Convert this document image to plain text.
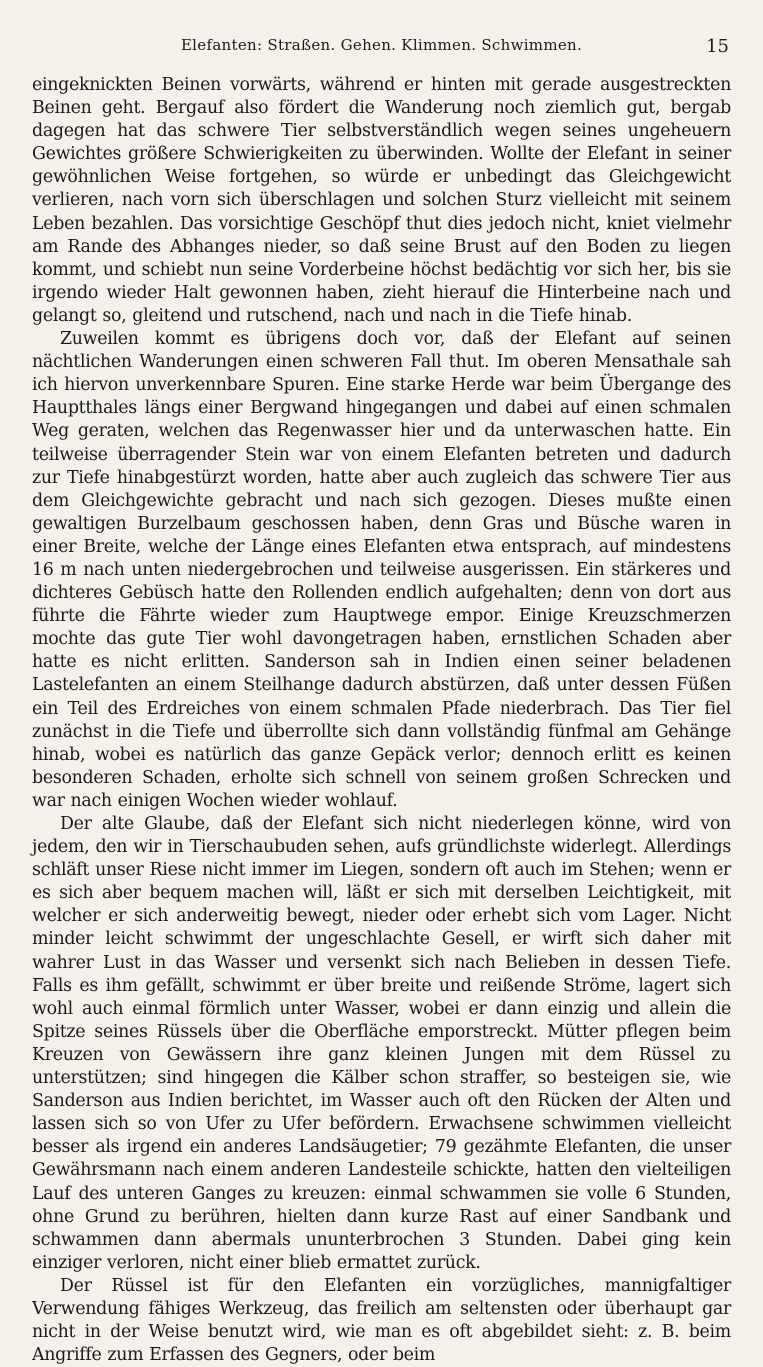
Elefanten: Straßen. Gehen. Klimmen. Schwimmen.	15

eingeknickten Beinen vorwärts, während er hinten mit gerade ausgestreckten Beinen geht. Bergauf also fördert die Wanderung noch ziemlich gut, bergab dagegen hat das schwere Tier selbstverständlich wegen seines ungeheuern Gewichtes größere Schwierigkeiten zu überwinden. Wollte der Elefant in seiner gewöhnlichen Weise fortgehen, so würde er unbedingt das Gleichgewicht verlieren, nach vorn sich überschlagen und solchen Sturz vielleicht mit seinem Leben bezahlen. Das vorsichtige Geschöpf thut dies jedoch nicht, kniet vielmehr am Rande des Abhanges nieder, so daß seine Brust auf den Boden zu liegen kommt, und schiebt nun seine Vorderbeine höchst bedächtig vor sich her, bis sie irgendo wieder Halt gewonnen haben, zieht hierauf die Hinterbeine nach und gelangt so, gleitend und rutschend, nach und nach in die Tiefe hinab.

Zuweilen kommt es übrigens doch vor, daß der Elefant auf seinen nächtlichen Wanderungen einen schweren Fall thut. Im oberen Mensathale sah ich hiervon unverkennbare Spuren. Eine starke Herde war beim Übergange des Hauptthales längs einer Bergwand hingegangen und dabei auf einen schmalen Weg geraten, welchen das Regenwasser hier und da unterwaschen hatte. Ein teilweise überragender Stein war von einem Elefanten betreten und dadurch zur Tiefe hinabgestürzt worden, hatte aber auch zugleich das schwere Tier aus dem Gleichgewichte gebracht und nach sich gezogen. Dieses mußte einen gewaltigen Burzelbaum geschossen haben, denn Gras und Büsche waren in einer Breite, welche der Länge eines Elefanten etwa entsprach, auf mindestens 16 m nach unten niedergebrochen und teilweise ausgerissen. Ein stärkeres und dichteres Gebüsch hatte den Rollenden endlich aufgehalten; denn von dort aus führte die Fährte wieder zum Hauptwege empor. Einige Kreuzschmerzen mochte das gute Tier wohl davongetragen haben, ernstlichen Schaden aber hatte es nicht erlitten. Sanderson sah in Indien einen seiner beladenen Lastelefanten an einem Steilhange dadurch abstürzen, daß unter dessen Füßen ein Teil des Erdreiches von einem schmalen Pfade niederbrach. Das Tier fiel zunächst in die Tiefe und überrollte sich dann vollständig fünfmal am Gehänge hinab, wobei es natürlich das ganze Gepäck verlor; dennoch erlitt es keinen besonderen Schaden, erholte sich schnell von seinem großen Schrecken und war nach einigen Wochen wieder wohlauf.

Der alte Glaube, daß der Elefant sich nicht niederlegen könne, wird von jedem, den wir in Tierschaubuden sehen, aufs gründlichste widerlegt. Allerdings schläft unser Riese nicht immer im Liegen, sondern oft auch im Stehen; wenn er es sich aber bequem machen will, läßt er sich mit derselben Leichtigkeit, mit welcher er sich anderweitig bewegt, nieder oder erhebt sich vom Lager. Nicht minder leicht schwimmt der ungeschlachte Gesell, er wirft sich daher mit wahrer Lust in das Wasser und versenkt sich nach Belieben in dessen Tiefe. Falls es ihm gefällt, schwimmt er über breite und reißende Ströme, lagert sich wohl auch einmal förmlich unter Wasser, wobei er dann einzig und allein die Spitze seines Rüssels über die Oberfläche emporstreckt. Mütter pflegen beim Kreuzen von Gewässern ihre ganz kleinen Jungen mit dem Rüssel zu unterstützen; sind hingegen die Kälber schon straffer, so besteigen sie, wie Sanderson aus Indien berichtet, im Wasser auch oft den Rücken der Alten und lassen sich so von Ufer zu Ufer befördern. Erwachsene schwimmen vielleicht besser als irgend ein anderes Landsäugetier; 79 gezähmte Elefanten, die unser Gewährsmann nach einem anderen Landesteile schickte, hatten den vielteiligen Lauf des unteren Ganges zu kreuzen: einmal schwammen sie volle 6 Stunden, ohne Grund zu berühren, hielten dann kurze Rast auf einer Sandbank und schwammen dann abermals ununterbrochen 3 Stunden. Dabei ging kein einziger verloren, nicht einer blieb ermattet zurück.

Der Rüssel ist für den Elefanten ein vorzügliches, mannigfaltiger Verwendung fähiges Werkzeug, das freilich am seltensten oder überhaupt gar nicht in der Weise benutzt wird, wie man es oft abgebildet sieht: z. B. beim Angriffe zum Erfassen des Gegners, oder beim
